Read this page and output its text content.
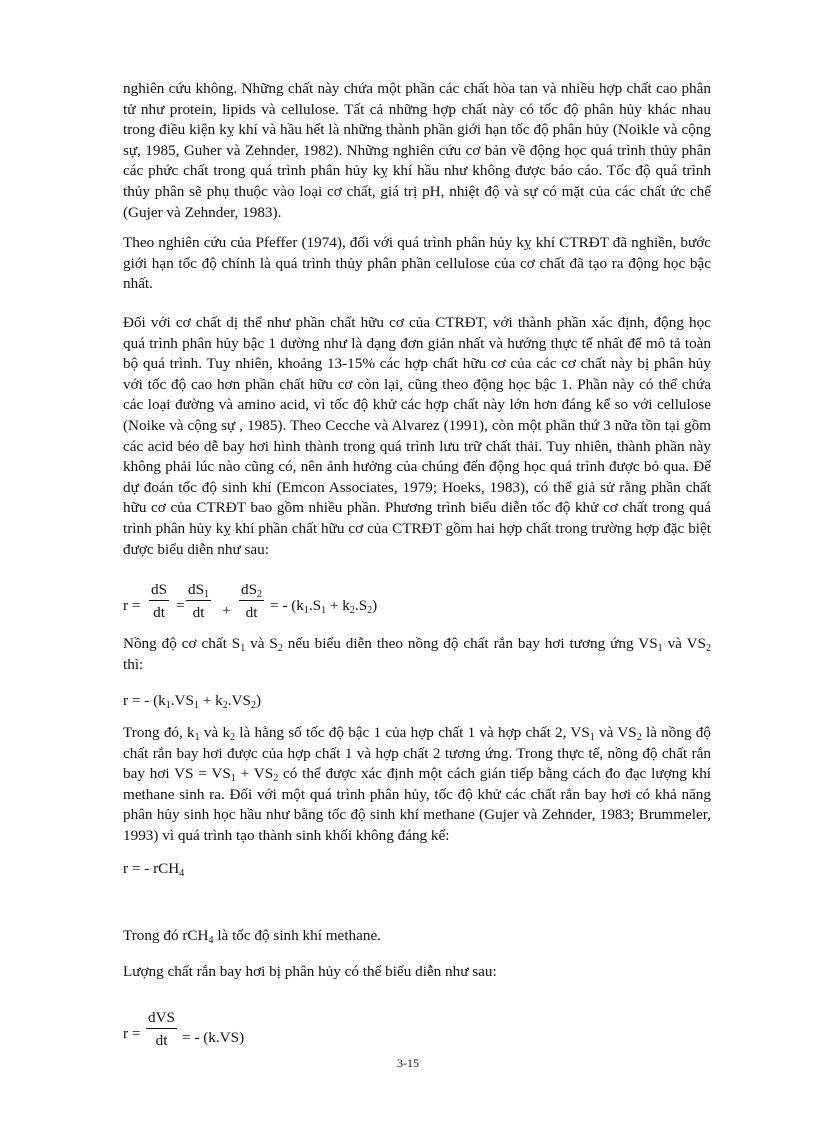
nghiên cứu không. Những chất này chứa một phần các chất hòa tan và nhiều hợp chất cao phân tử như protein, lipids và cellulose. Tất cả những hợp chất này có tốc độ phân hủy khác nhau trong điều kiện kỵ khí và hầu hết là những thành phần giới hạn tốc độ phân hủy (Noikle và cộng sự, 1985, Guher và Zehnder, 1982). Những nghiên cứu cơ bản về động học quá trình thủy phân các phức chất trong quá trình phân hủy kỵ khí hầu như không được báo cáo. Tốc độ quá trình thủy phân sẽ phụ thuộc vào loại cơ chất, giá trị pH, nhiệt độ và sự có mặt của các chất ức chế (Gujer và Zehnder, 1983).

Theo nghiên cứu của Pfeffer (1974), đối với quá trình phân hủy kỵ khí CTRĐT đã nghiền, bước giới hạn tốc độ chính là quá trình thủy phân phần cellulose của cơ chất đã tạo ra động học bậc nhất.

Đối với cơ chất dị thể như phần chất hữu cơ của CTRĐT, với thành phần xác định, động học quá trình phân hủy bậc 1 dường như là dạng đơn giản nhất và hướng thực tế nhất để mô tả toàn bộ quá trình. Tuy nhiên, khoảng 13-15% các hợp chất hữu cơ của các cơ chất này bị phân hủy với tốc độ cao hơn phần chất hữu cơ còn lại, cũng theo động học bậc 1. Phần này có thể chứa các loại đường và amino acid, vì tốc độ khử các hợp chất này lớn hơn đáng kể so với cellulose (Noike và cộng sự , 1985). Theo Cecche và Alvarez (1991), còn một phần thứ 3 nữa tồn tại gồm các acid béo dễ bay hơi hình thành trong quá trình lưu trữ chất thải. Tuy nhiên, thành phần này không phải lúc nào cũng có, nên ảnh hưởng của chúng đến động học quá trình được bỏ qua. Để dự đoán tốc độ sinh khí (Emcon Associates, 1979; Hoeks, 1983), có thể giả sử rằng phần chất hữu cơ của CTRĐT bao gồm nhiều phần. Phương trình biểu diễn tốc độ khử cơ chất trong quá trình phân hủy kỵ khí phần chất hữu cơ của CTRĐT gồm hai hợp chất trong trường hợp đặc biệt được biểu diễn như sau:

$r = \frac{dS}{dt} = \frac{dS_1}{dt} + \frac{dS_2}{dt}$ = - $(k_1.S_1 + k_2.S_2)$

Nồng độ cơ chất $S_1$ và $S_2$ nếu biểu diễn theo nồng độ chất rắn bay hơi tương ứng $VS_1$ và $VS_2$ thì:

r = - $(k_1.VS_1 + k_2.VS_2)$

Trong đó, $k_1$ và $k_2$ là hằng số tốc độ bậc 1 của hợp chất 1 và hợp chất 2, $VS_1$ và $VS_2$ là nồng độ chất rắn bay hơi được của hợp chất 1 và hợp chất 2 tương ứng. Trong thực tế, nồng độ chất rắn bay hơi VS = $VS_1 + VS_2$ có thể được xác định một cách gián tiếp bằng cách đo đạc lượng khí methane sinh ra. Đối với một quá trình phân hủy, tốc độ khử các chất rắn bay hơi có khả năng phân hủy sinh học hầu như bằng tốc độ sinh khí methane (Gujer và Zehnder, 1983; Brummeler, 1993) vì quá trình tạo thành sinh khối không đáng kể:

r = - rCH$_4$

Trong đó rCH$_4$ là tốc độ sinh khí methane.

Lượng chất rắn bay hơi bị phân hủy có thể biểu diễn như sau:

r =
dVS
dt = - (k.VS)
3-15
